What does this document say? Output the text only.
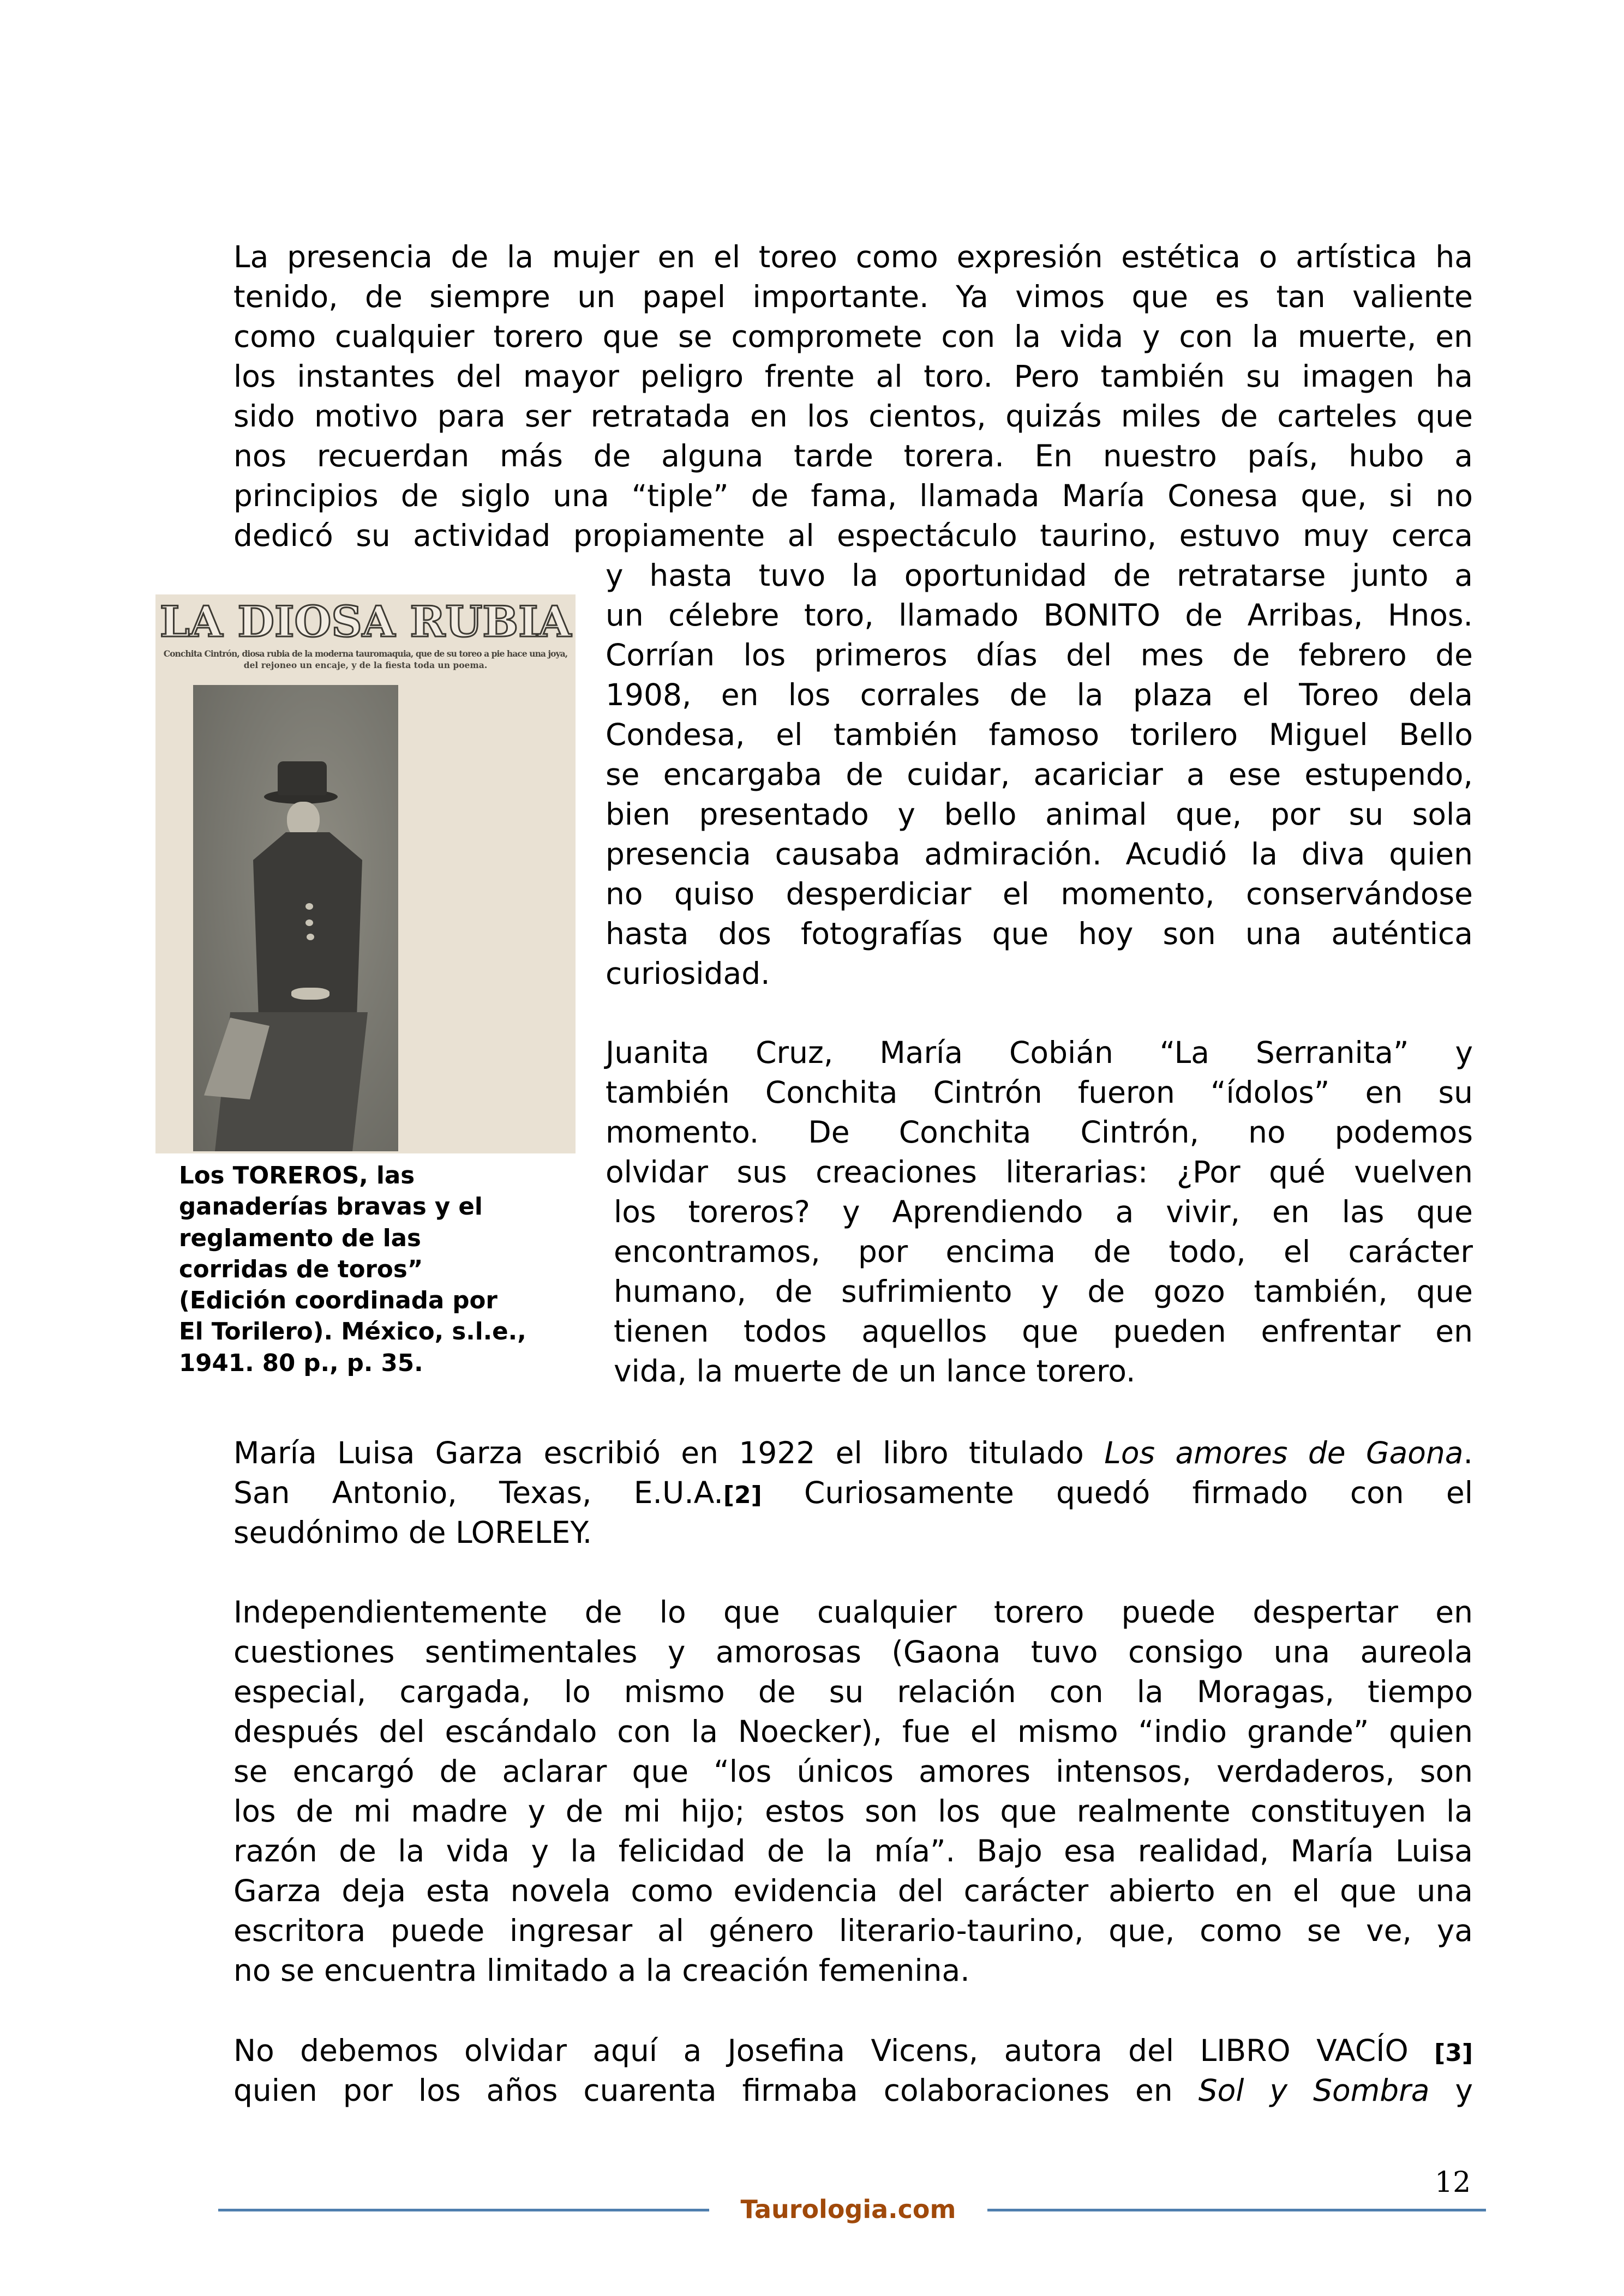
La presencia de la mujer en el toreo como expresión estética o artística ha
tenido, de siempre un papel importante. Ya vimos que es tan valiente
como cualquier torero que se compromete con la vida y con la muerte, en
los instantes del mayor peligro frente al toro. Pero también su imagen ha
sido motivo para ser retratada en los cientos, quizás miles de carteles que
nos recuerdan más de alguna tarde torera. En nuestro país, hubo a
principios de siglo una “tiple” de fama, llamada María Conesa que, si no
dedicó su actividad propiamente al espectáculo taurino, estuvo muy cerca
y hasta tuvo la oportunidad de retratarse junto a
un célebre toro, llamado BONITO de Arribas, Hnos.
Corrían los primeros días del mes de febrero de
1908, en los corrales de la plaza el Toreo dela
Condesa, el también famoso torilero Miguel Bello
se encargaba de cuidar, acariciar a ese estupendo,
bien presentado y bello animal que, por su sola
presencia causaba admiración. Acudió la diva quien
no quiso desperdiciar el momento, conservándose
hasta dos fotografías que hoy son una auténtica
curiosidad.
LA DIOSA RUBIA
Conchita Cintrón, diosa rubia de la moderna tauromaquia, que de su toreo a pie hace una joya,
del rejoneo un encaje, y de la fiesta toda un poema.
Los TOREROS, las
ganaderías bravas y el
reglamento de las
corridas de toros”
(Edición coordinada por
El Torilero). México, s.l.e.,
1941. 80 p., p. 35.
Juanita Cruz, María Cobián “La Serranita” y
también Conchita Cintrón fueron “ídolos” en su
momento. De Conchita Cintrón, no podemos
olvidar sus creaciones literarias: ¿Por qué vuelven
los toreros? y Aprendiendo a vivir, en las que
encontramos, por encima de todo, el carácter
humano, de sufrimiento y de gozo también, que
tienen todos aquellos que pueden enfrentar en
vida, la muerte de un lance torero.
María Luisa Garza escribió en 1922 el libro titulado Los amores de Gaona.
San Antonio, Texas, E.U.A.[2] Curiosamente quedó firmado con el
seudónimo de LORELEY.
Independientemente de lo que cualquier torero puede despertar en
cuestiones sentimentales y amorosas (Gaona tuvo consigo una aureola
especial, cargada, lo mismo de su relación con la Moragas, tiempo
después del escándalo con la Noecker), fue el mismo “indio grande” quien
se encargó de aclarar que “los únicos amores intensos, verdaderos, son
los de mi madre y de mi hijo; estos son los que realmente constituyen la
razón de la vida y la felicidad de la mía”. Bajo esa realidad, María Luisa
Garza deja esta novela como evidencia del carácter abierto en el que una
escritora puede ingresar al género literario-taurino, que, como se ve, ya
no se encuentra limitado a la creación femenina.
No debemos olvidar aquí a Josefina Vicens, autora del LIBRO VACÍO [3]
quien por los años cuarenta firmaba colaboraciones en Sol y Sombra y
12
Taurologia.com
